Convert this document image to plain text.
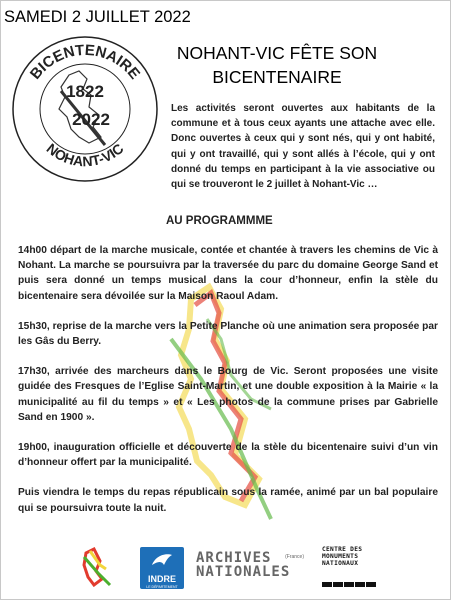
SAMEDI 2 JUILLET 2022
BICENTENAIRE
NOHANT-VIC
1822
2022
NOHANT-VIC FÊTE SON
BICENTENAIRE
Les activités seront ouvertes aux habitants de la commune et à tous ceux ayants une attache avec elle. Donc ouvertes à ceux qui y sont nés, qui y ont habité, qui y ont travaillé, qui y sont allés à l’école, qui y ont donné du temps en participant à la vie associative ou qui se trouveront le 2 juillet à Nohant-Vic …
AU PROGRAMMME

14h00 départ de la marche musicale, contée et chantée à travers les chemins de Vic à Nohant. La marche se poursuivra par la traversée du parc du domaine George Sand et puis sera donné un temps musical dans la cour d’honneur, enfin la stèle du bicentenaire sera dévoilée sur la Maison Raoul Adam.

15h30, reprise de la marche vers la Petite Planche où une animation sera proposée par les Gâs du Berry.

17h30, arrivée des marcheurs dans le Bourg de Vic. Seront proposées une visite guidée des Fresques de l’Eglise Saint-Martin, et une double exposition à la Mairie « la municipalité au fil du temps » et « Les photos de la commune prises par Gabrielle Sand en 1900 ».

19h00, inauguration officielle et découverte de la stèle du bicentenaire suivi d’un vin d’honneur offert par la municipalité.

Puis viendra le temps du repas républicain sous la ramée, animé par un bal populaire qui se poursuivra toute la nuit.

INDRE
LE DÉPARTEMENT
ARCHIVES
NATIONALES
(France)
CENTRE DES MONUMENTS NATIONAUX
